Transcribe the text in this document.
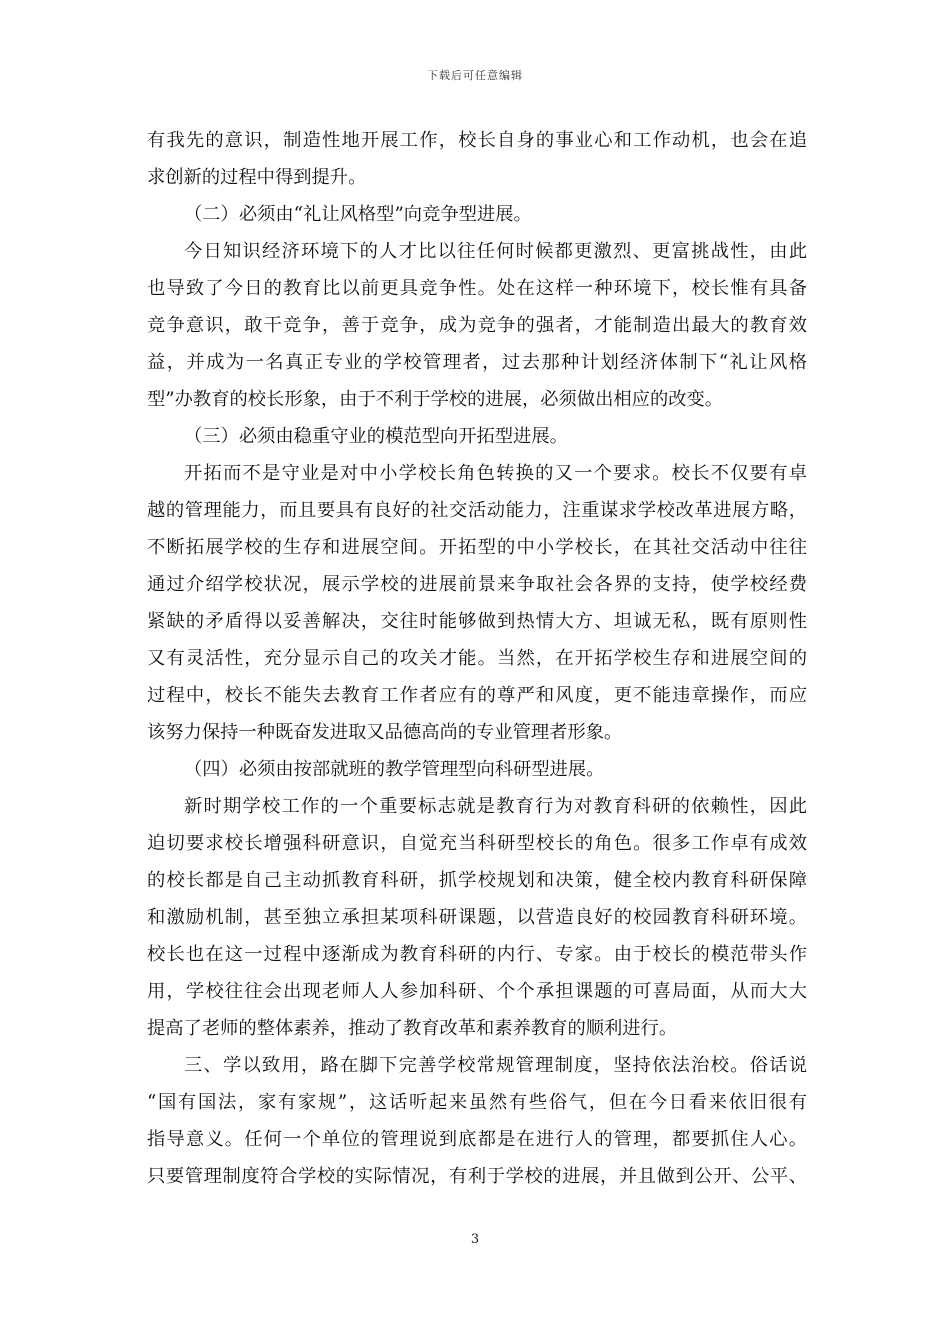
下载后可任意编辑
有我先的意识，制造性地开展工作，校长自身的事业心和工作动机，也会在追
求创新的过程中得到提升。
（二）必须由“礼让风格型”向竞争型进展。
今日知识经济环境下的人才比以往任何时候都更激烈、更富挑战性，由此
也导致了今日的教育比以前更具竞争性。处在这样一种环境下，校长惟有具备
竞争意识，敢干竞争，善于竞争，成为竞争的强者，才能制造出最大的教育效
益，并成为一名真正专业的学校管理者，过去那种计划经济体制下“礼让风格
型”办教育的校长形象，由于不利于学校的进展，必须做出相应的改变。
（三）必须由稳重守业的模范型向开拓型进展。
开拓而不是守业是对中小学校长角色转换的又一个要求。校长不仅要有卓
越的管理能力，而且要具有良好的社交活动能力，注重谋求学校改革进展方略，
不断拓展学校的生存和进展空间。开拓型的中小学校长，在其社交活动中往往
通过介绍学校状况，展示学校的进展前景来争取社会各界的支持，使学校经费
紧缺的矛盾得以妥善解决，交往时能够做到热情大方、坦诚无私，既有原则性
又有灵活性，充分显示自己的攻关才能。当然，在开拓学校生存和进展空间的
过程中，校长不能失去教育工作者应有的尊严和风度，更不能违章操作，而应
该努力保持一种既奋发进取又品德高尚的专业管理者形象。
（四）必须由按部就班的教学管理型向科研型进展。
新时期学校工作的一个重要标志就是教育行为对教育科研的依赖性，因此
迫切要求校长增强科研意识，自觉充当科研型校长的角色。很多工作卓有成效
的校长都是自己主动抓教育科研，抓学校规划和决策，健全校内教育科研保障
和激励机制，甚至独立承担某项科研课题，以营造良好的校园教育科研环境。
校长也在这一过程中逐渐成为教育科研的内行、专家。由于校长的模范带头作
用，学校往往会出现老师人人参加科研、个个承担课题的可喜局面，从而大大
提高了老师的整体素养，推动了教育改革和素养教育的顺利进行。
三、学以致用，路在脚下完善学校常规管理制度，坚持依法治校。俗话说
“国有国法，家有家规”，这话听起来虽然有些俗气，但在今日看来依旧很有
指导意义。任何一个单位的管理说到底都是在进行人的管理，都要抓住人心。
只要管理制度符合学校的实际情况，有利于学校的进展，并且做到公开、公平、
3
